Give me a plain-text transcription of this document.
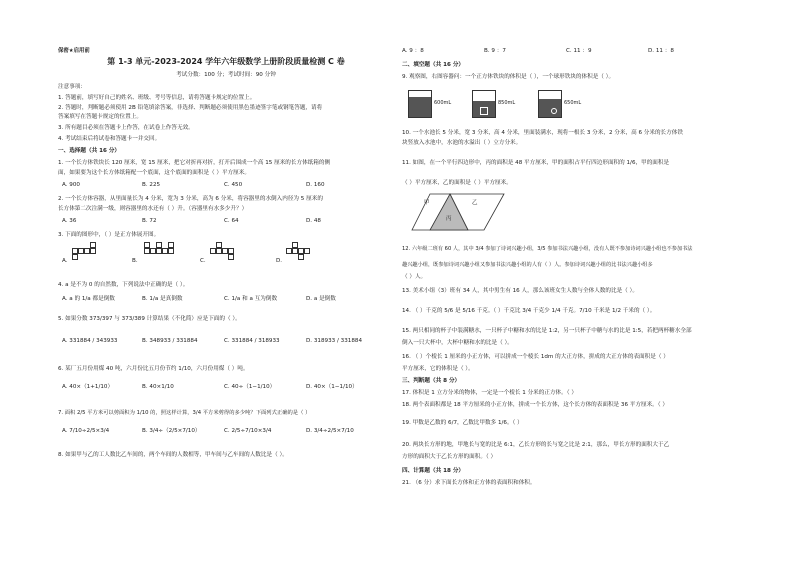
保密★启用前
第 1-3 单元-2023-2024 学年六年级数学上册阶段质量检测 C 卷
考试分数：100 分；考试时间：90 分钟
注意事项：
1. 答题前，填写好自己的姓名、班级、考号等信息，请将答题卡规定的位置上。
2. 答题时，判断题必须使用 2B 铅笔填涂答案，非选择、判断题必须使用黑色墨迹签字笔或钢笔答题，请将
答案填写在答题卡规定的位置上。
3. 所有题目必须在答题卡上作答，在试卷上作答无效。
4. 考试结束后将试卷和答题卡一并交回。
一、选择题（共 16 分）
1. 一个长方体铁块长 120 厘米，宽 15 厘米，把它对折再对折，打开后围成一个高 15 厘米的长方体纸箱的侧
面，如果要为这个长方体纸箱配一个底面，这个底面的面积是（ ）平方厘米。
A. 900	B. 225	C. 450	D. 160
2. 一个长方体容器，从里面量长为 4 分米，宽为 3 分米，高为 6 分米，将容器里的水倒入内径为 5 厘米的
长方体第二次注满一级，则容器里的水还有（ ）升。（容器里有水多少升？）
A. 36	B. 72	C. 64	D. 48
3. 下面的图形中，（ ）是正方体展开图。
A.	B.	C.	D.
4. a 是不为 0 的自然数，下列说法中正确的是（ ）。
A. a 的 1/a 都是倒数	B. 1/a 是真倒数	C. 1/a 和 a 互为倒数	D. a 是倒数
5. 如果分数 373/397 与 373/389 计算结果（不化简）应是下面的（ ）。
A. 331884 / 343933	B. 348933 / 331884	C. 331884 / 318933	D. 318933 / 331884
6. 某厂五月份用煤 40 吨，六月份比五月份节约 1/10，六月份用煤（ ）吨。
A. 40×（1+1/10）	B. 40×1/10	C. 40÷（1−1/10）	D. 40×（1−1/10）
7. 面积 2/5 平方米可以剪面积为 1/10 的，照这样计算，3/4 平方米剪得的多少吨？下面列式正确的是（ ）
A. 7/10÷2/5×3/4	B. 3/4÷（2/5×7/10）	C. 2/5÷7/10×3/4	D. 3/4÷2/5×7/10
8. 如果甲与乙的工人数比乙车间的，两个车间的人数相等，甲车间与乙车间的人数比是（ ）。
A. 9 ：8	B. 9 ：7	C. 11 ：9	D. 11 ：8
二、填空题（共 16 分）
9. 观察图，右图容器问：一个正方体铁块的体积是（ ），一个球形铁块的体积是（ ）。
600mL	850mL	650mL
10. 一个水池长 5 分米，宽 3 分米，高 4 分米，里面装满水，现将一根长 3 分米，2 分米，高 6 分米的长方体铁
块竖放入水池中，水池的水溢出（ ）立方分米。
11. 如图，在一个平行四边形中，丙的面积是 48 平方厘米，甲的面积占平行四边形面积的 1/6，甲的面积是
（ ）平方厘米，乙的面积是（ ）平方厘米。
甲	乙
丙
12. 六年级二班有 60 人，其中 3/4 参加了诗词兴趣小组，3/5 参加书法兴趣小组，没有人既不参加诗词兴趣小组也不参加书法
趣兴趣小组，既参加诗词兴趣小组又参加书法兴趣小组的人有（ ）人。参加诗词兴趣小组的比书法兴趣小组多
（ ）人。
13. 美术小组（3）班有 34 人，其中男生有 16 人，那么该班女生人数与全体人数的比是（ ）。
14. （ ）千克的 5/6 是 5/16 千克。（ ）千克比 3/4 千克少 1/4 千克。7/10 千米是 1/2 千米的（ ）。
15. 两只相同的杯子中装满糖水，一只杯子中糖和水的比是 1:2，另一只杯子中糖与水的比是 1:5，若把两杯糖水全部
倒入一只大杯中，大杯中糖和水的比是（ ）。
16. （ ）个棱长 1 厘米的小正方体，可以拼成一个棱长 1dm 的大正方体，拼成的大正方体的表面积是（ ）
平方厘米，它的体积是（ ）。
三、判断题（共 8 分）
17. 体积是 1 立方分米的物体，一定是一个棱长 1 分米的正方体。（ ）
18. 两个表面积都是 18 平方厘米的小正方体，拼成一个长方体，这个长方体的表面积是 36 平方厘米。（ ）
19. 甲数是乙数的 6/7，乙数比甲数多 1/6。（ ）
20. 两块长方形的地，甲地长与宽的比是 6:1，乙长方形的长与宽之比是 2:1，那么，甲长方形的面积大于乙
方形的面积大于乙长方形的面积。（ ）
四、计算题（共 18 分）
21. （6 分）求下面长方体和正方体的表面积和体积。
